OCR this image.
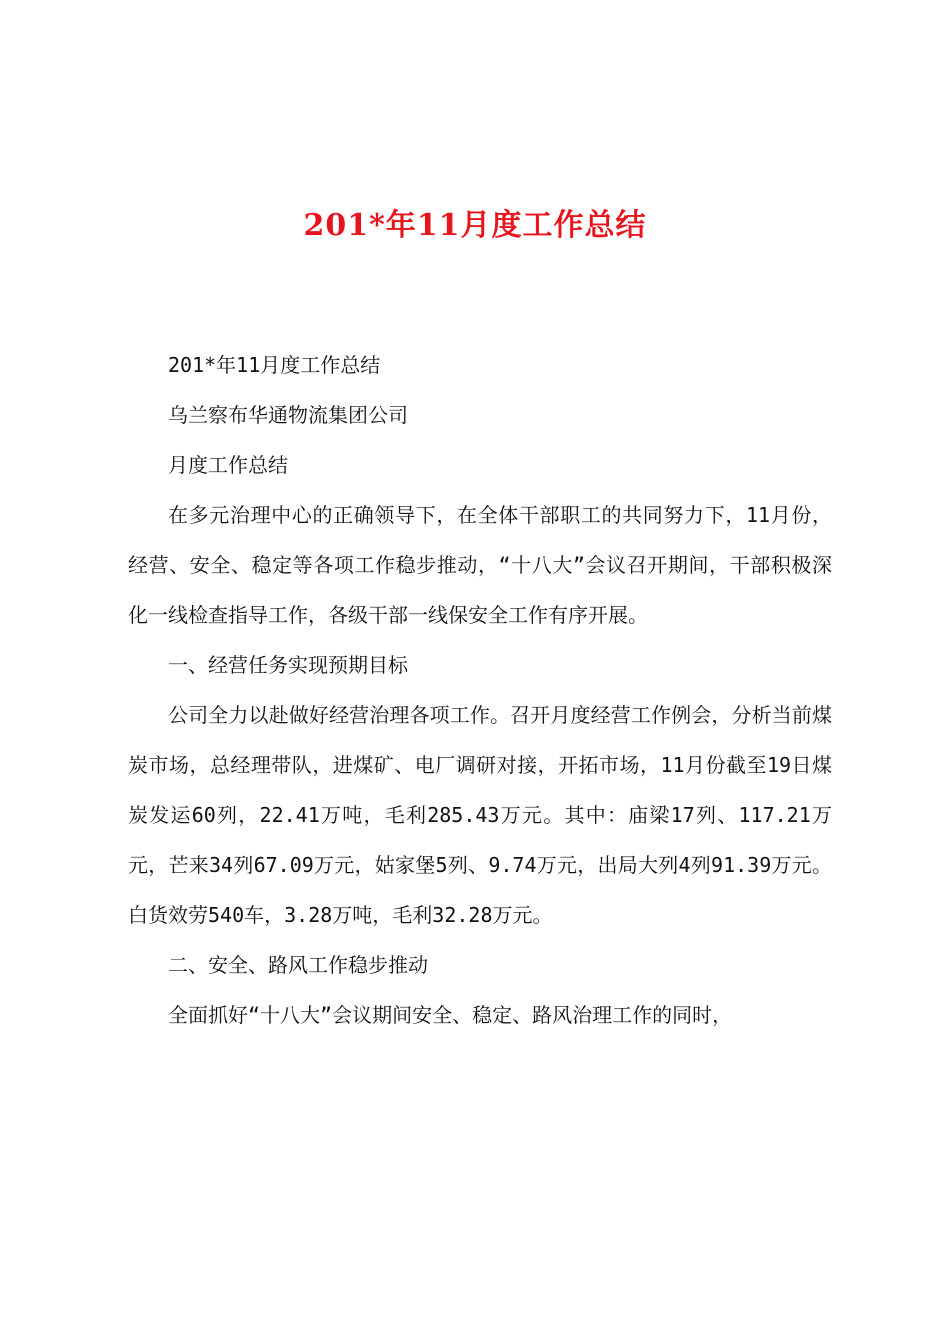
201*年11月度工作总结

201*年11月度工作总结

乌兰察布华通物流集团公司

月度工作总结

在多元治理中心的正确领导下，在全体干部职工的共同努力下，11月份，经营、安全、稳定等各项工作稳步推动，“十八大”会议召开期间，干部积极深化一线检查指导工作，各级干部一线保安全工作有序开展。

一、经营任务实现预期目标

公司全力以赴做好经营治理各项工作。召开月度经营工作例会，分析当前煤炭市场，总经理带队，进煤矿、电厂调研对接，开拓市场，11月份截至19日煤炭发运60列，22.41万吨，毛利285.43万元。其中：庙梁17列、117.21万元，芒来34列67.09万元，姑家堡5列、9.74万元，出局大列4列91.39万元。白货效劳540车，3.28万吨，毛利32.28万元。

二、安全、路风工作稳步推动

全面抓好“十八大”会议期间安全、稳定、路风治理工作的同时，
